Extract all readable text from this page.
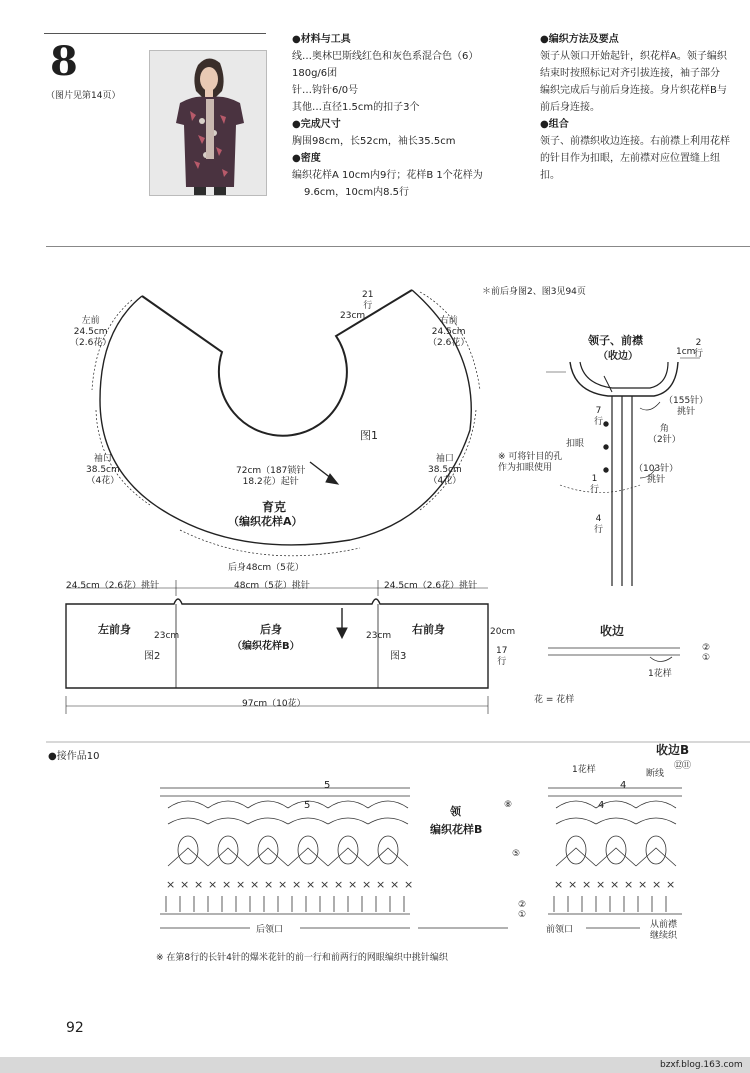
8
（图片见第14页）
●材料与工具
线…奥林巴斯线红色和灰色系混合色（6）
180g/6团
针…钩针6/0号
其他…直径1.5cm的扣子3个
●完成尺寸
胸围98cm，长52cm，袖长35.5cm
●密度
编织花样A 10cm内9行；花样B 1个花样为
9.6cm，10cm内8.5行
●编织方法及要点
领子从领口开始起针，织花样A。领子编织
结束时按照标记对齐引拔连接，袖子部分
编织完成后与前后身连接。身片织花样B与
前后身连接。
●组合
领子、前襟织收边连接。右前襟上利用花样
的针目作为扣眼，左前襟对应位置缝上纽
扣。
× × × × × × × × × × × × × × × × × ×	× × × × × × × × ×
＊前后身图2、图3见94页
21
行
23cm
左前
24.5cm
（2.6花）
右前
24.5cm
（2.6花）
图1
袖口
38.5cm
（4花）
袖口
38.5cm
（4花）
72cm（187锁针
18.2花）起针
育克
（编织花样A）
后身48cm（5花）
24.5cm（2.6花）挑针	48cm（5花）挑针	24.5cm（2.6花）挑针
左前身	后身	右前身
23cm	23cm	20cm
17
行
（编织花样B）
图2	图3
97cm（10花）
领子、前襟
（收边）	1cm
2
行
（155针）
挑针
7
行
角
（2针）
扣眼
※ 可将针目的孔
作为扣眼使用	（103针）
挑针
1
行
4
行
收边
②
①
1花样
花 = 花样
●接作品10	收边B
1花样	断线
⑫
⑪
⑧
⑤
②
①
5
5
4
4
领
编织花样B
后领口	前领口	从前襟
继续织
※ 在第8行的长针4针的爆米花针的前一行和前两行的网眼编织中挑针编织
92
bzxf.blog.163.com
